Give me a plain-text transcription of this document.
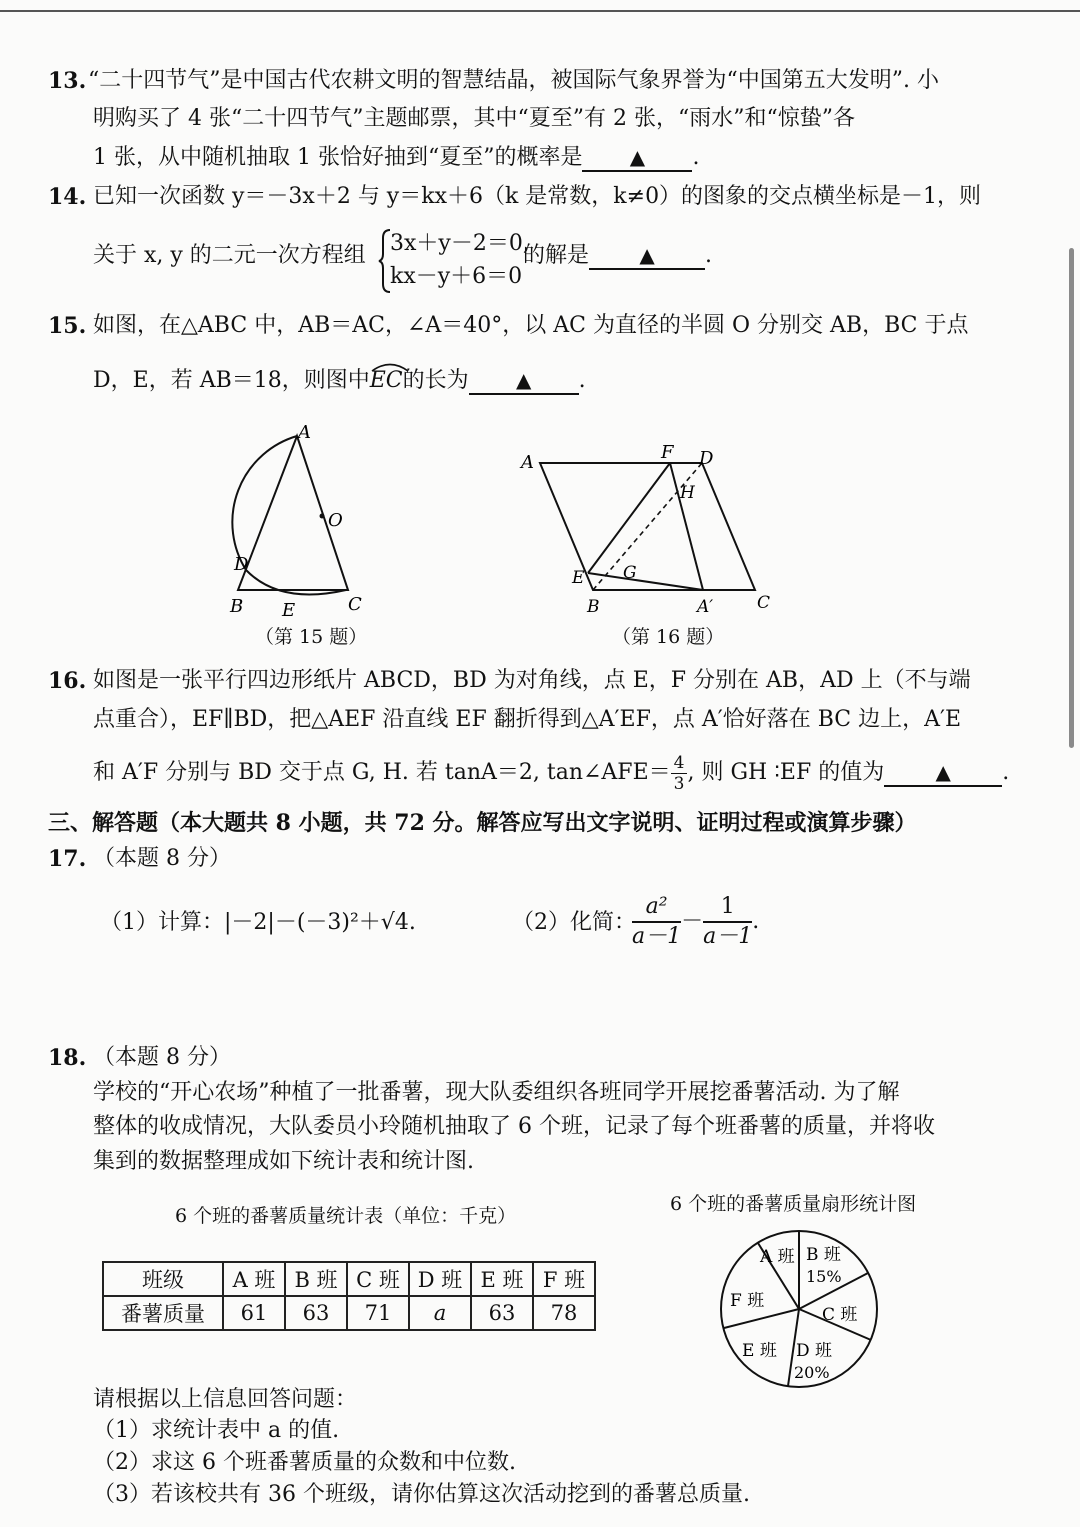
13. “二十四节气”是中国古代农耕文明的智慧结晶，被国际气象界誉为“中国第五大发明”. 小
明购买了 4 张“二十四节气”主题邮票，其中“夏至”有 2 张，“雨水”和“惊蛰”各
1 张，从中随机抽取 1 张恰好抽到“夏至”的概率是 ▲ .
14. 已知一次函数 y＝－3x＋2 与 y＝kx＋6（k 是常数，k≠0）的图象的交点横坐标是－1，则
关于 x, y 的二元一次方程组 3x＋y－2＝0,
kx－y＋6＝0
的解是	▲ .
15. 如图，在△ABC 中，AB＝AC，∠A＝40°，以 AC 为直径的半圆 O 分别交 AB，BC 于点
D，E，若 AB＝18，则图中
EC的长为 ▲ .
A
O
D
B E	C
（第 15 题）
A	F D
H
E G
B	A′	C
（第 16 题）
16. 如图是一张平行四边形纸片 ABCD，BD 为对角线，点 E，F 分别在 AB，AD 上（不与端
点重合），EF∥BD，把△AEF 沿直线 EF 翻折得到△A′EF，点 A′恰好落在 BC 边上，A′E
和 A′F 分别与 BD 交于点 G, H. 若 tanA＝2, tan∠AFE＝ $\frac{4}{3}$ , 则 GH ∶EF 的值为	▲ .
三、解答题（本大题共 8 小题，共 72 分。解答应写出文字说明、证明过程或演算步骤）
17. （本题 8 分）
（1）计算：|－2|－(－3)²＋√4.	（2）化简：
$\frac{\text{a²}}{a-1} - \frac{1}{a-1}$ .
18. （本题 8 分）
学校的“开心农场”种植了一批番薯，现大队委组织各班同学开展挖番薯活动. 为了解
整体的收成情况，大队委员小玲随机抽取了 6 个班，记录了每个班番薯的质量，并将收
集到的数据整理成如下统计表和统计图.
6 个班的番薯质量统计表（单位：千克）
6 个班的番薯质量扇形统计图
班级	A 班	B 班	C 班	D 班	E 班	F 班
番薯质量	61	63	71	a	63	78
A 班 B 班
15%
C 班
D 班
20%
E 班
F 班
请根据以上信息回答问题：
（1）求统计表中 a 的值.
（2）求这 6 个班番薯质量的众数和中位数.
（3）若该校共有 36 个班级，请你估算这次活动挖到的番薯总质量.
